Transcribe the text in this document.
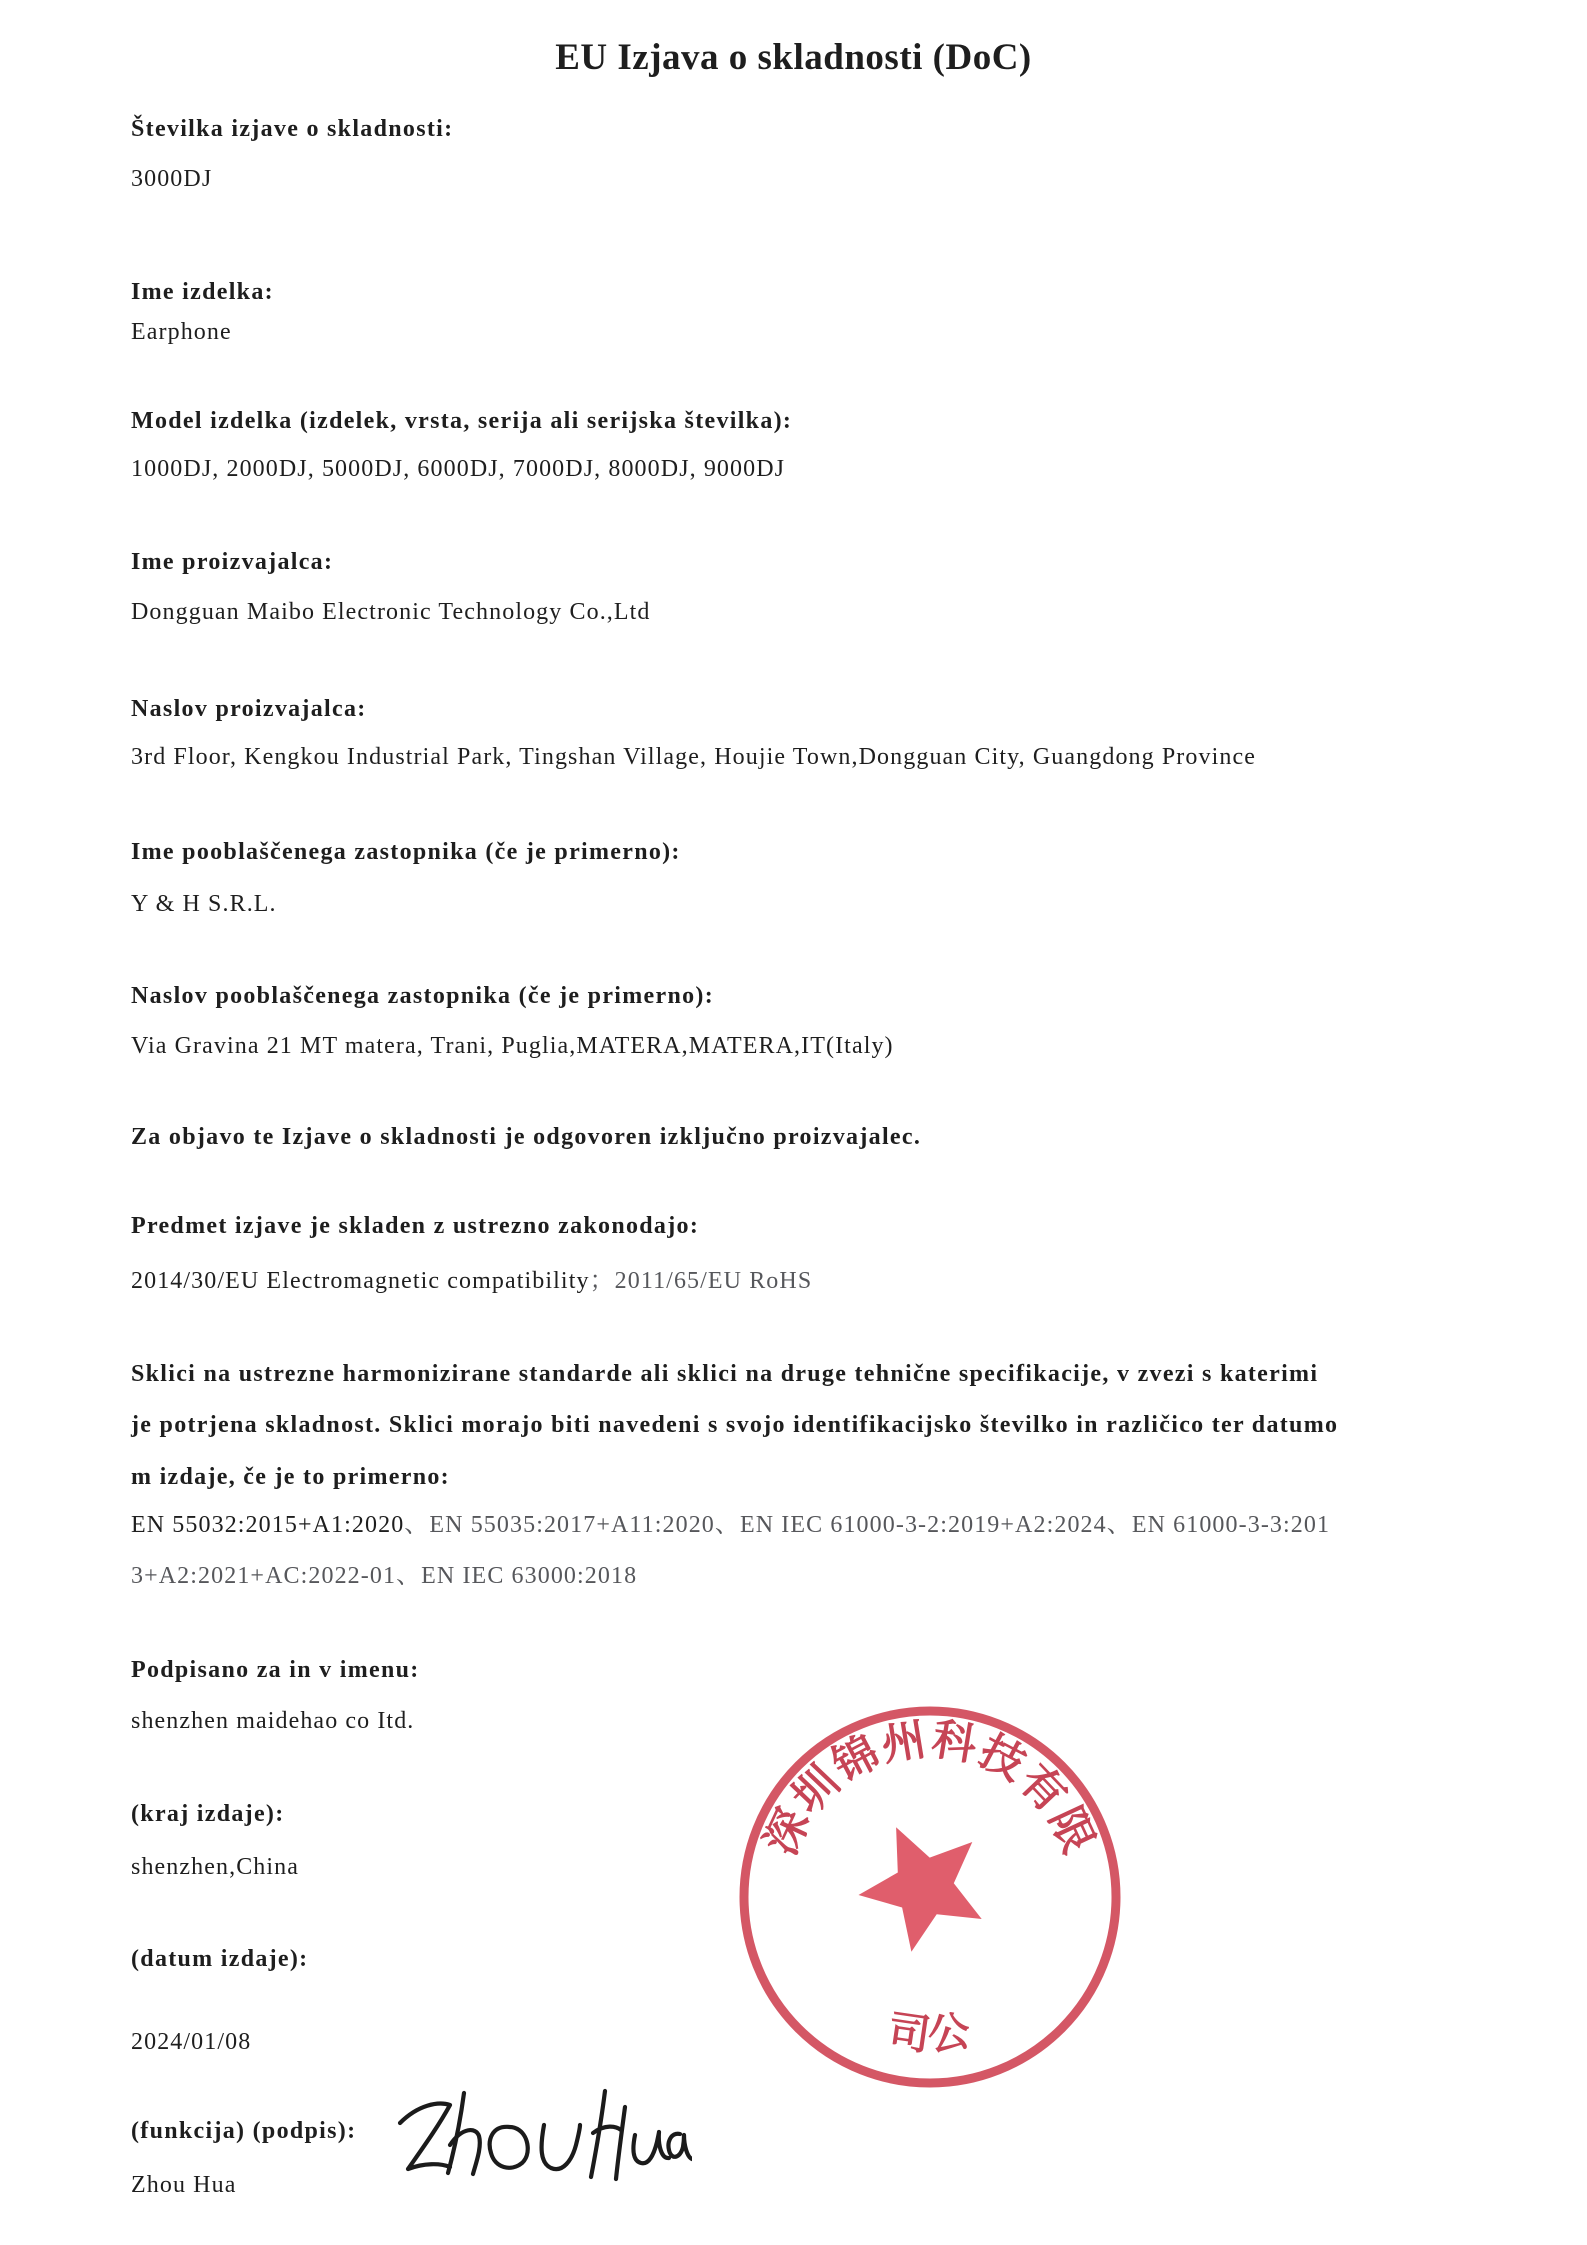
EU Izjava o skladnosti (DoC)
Številka izjave o skladnosti:
3000DJ
Ime izdelka:
Earphone
Model izdelka (izdelek, vrsta, serija ali serijska številka):
1000DJ, 2000DJ, 5000DJ, 6000DJ, 7000DJ, 8000DJ, 9000DJ
Ime proizvajalca:
Dongguan Maibo Electronic Technology Co.,Ltd
Naslov proizvajalca:
3rd Floor, Kengkou Industrial Park, Tingshan Village, Houjie Town,Dongguan City, Guangdong Province
Ime pooblaščenega zastopnika (če je primerno):
Y & H S.R.L.
Naslov pooblaščenega zastopnika (če je primerno):
Via Gravina 21 MT matera, Trani, Puglia,MATERA,MATERA,IT(Italy)
Za objavo te Izjave o skladnosti je odgovoren izključno proizvajalec.
Predmet izjave je skladen z ustrezno zakonodajo:
2014/30/EU Electromagnetic compatibility；2011/65/EU RoHS
Sklici na ustrezne harmonizirane standarde ali sklici na druge tehnične specifikacije, v zvezi s katerimi
je potrjena skladnost. Sklici morajo biti navedeni s svojo identifikacijsko številko in različico ter datumo
m izdaje, če je to primerno:
EN 55032:2015+A1:2020、EN 55035:2017+A11:2020、EN IEC 61000-3-2:2019+A2:2024、EN 61000-3-3:201
3+A2:2021+AC:2022-01、EN IEC 63000:2018
Podpisano za in v imenu:
shenzhen maidehao co Itd.
(kraj izdaje):
shenzhen,China
(datum izdaje):
2024/01/08
(funkcija) (podpis):
Zhou Hua
深圳锦州科技有限
司公
